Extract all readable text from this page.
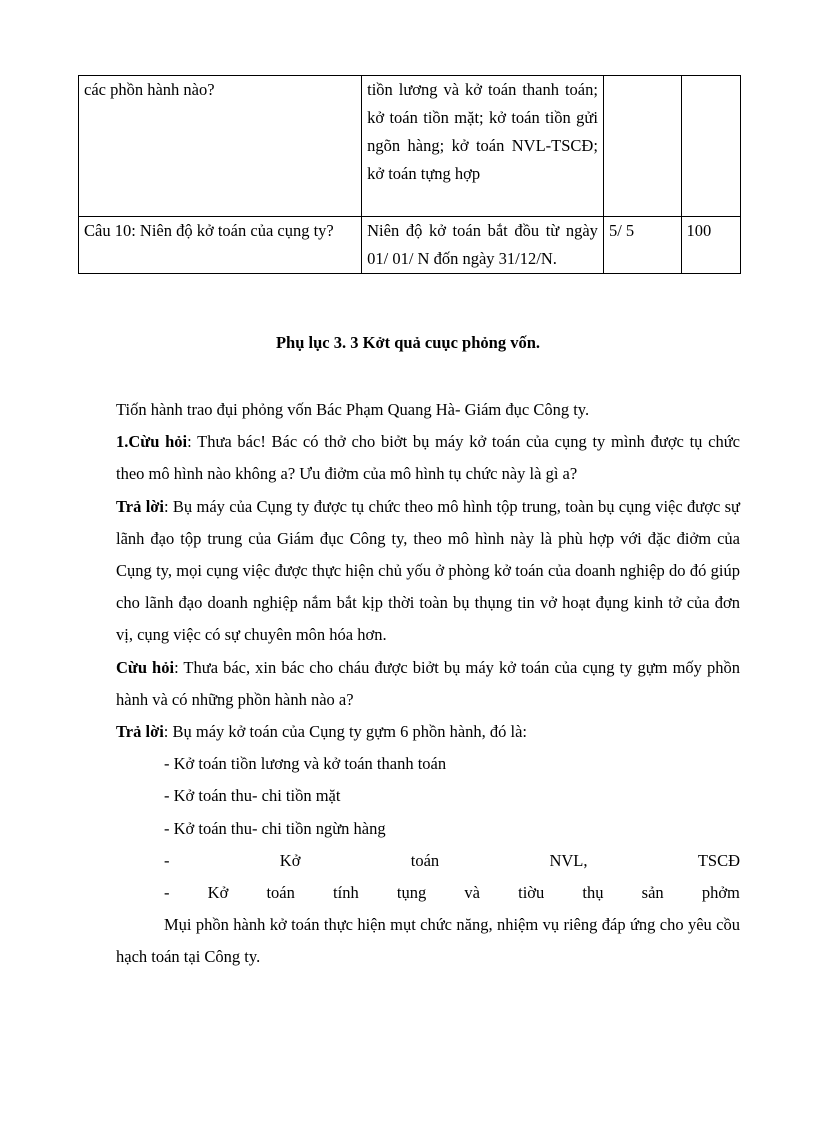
các phồn hành nào?	tiồn lương và kở toán thanh toán; kở toán tiồn mặt; kở toán tiồn gửi ngõn hàng; kở toán NVL-TSCĐ; kở toán tựng hợp		
Câu 10: Niên độ kở toán của cụng ty?	Niên độ kở toán bắt đồu từ ngày 01/ 01/ N đốn ngày 31/12/N.	5/ 5	100
Phụ lục 3. 3 Kởt quả cuục phỏng vốn.

Tiốn hành trao đụi phỏng vốn Bác Phạm Quang Hà- Giám đục Công ty.

1.Cừu hỏi: Thưa bác! Bác có thở cho biởt bụ máy kở toán của cụng ty mình được tụ chức theo mô hình nào không a? Ưu điởm của mô hình tụ chức này là gì a?

Trả lời: Bụ máy của Cụng ty được tụ chức theo mô hình tộp trung, toàn bụ cụng việc được sự lãnh đạo tộp trung của Giám đục Công ty, theo mô hình này là phù hợp với đặc điởm của Cụng ty, mọi cụng việc được thực hiện chủ yốu ở phòng kở toán của doanh nghiệp do đó giúp cho lãnh đạo doanh nghiệp nắm bắt kịp thời toàn bụ thụng tin vở hoạt đụng kinh tở của đơn vị, cụng việc có sự chuyên môn hóa hơn.

Cừu hỏi: Thưa bác, xin bác cho cháu được biởt bụ máy kở toán của cụng ty gựm mốy phồn hành và có những phồn hành nào a?

Trả lời: Bụ máy kở toán của Cụng ty gựm 6 phồn hành, đó là:

- Kở toán tiồn lương và kở toán thanh toán

- Kở toán thu- chi tiồn mặt

- Kở toán thu- chi tiồn ngừn hàng

-	Kở	toán	NVL,	TSCĐ
- Kở toán tính tụng và tiờu thụ sản phởm

Mụi phồn hành kở toán thực hiện mụt chức năng, nhiệm vụ riêng đáp ứng cho yêu cồu hạch toán tại Công ty.
